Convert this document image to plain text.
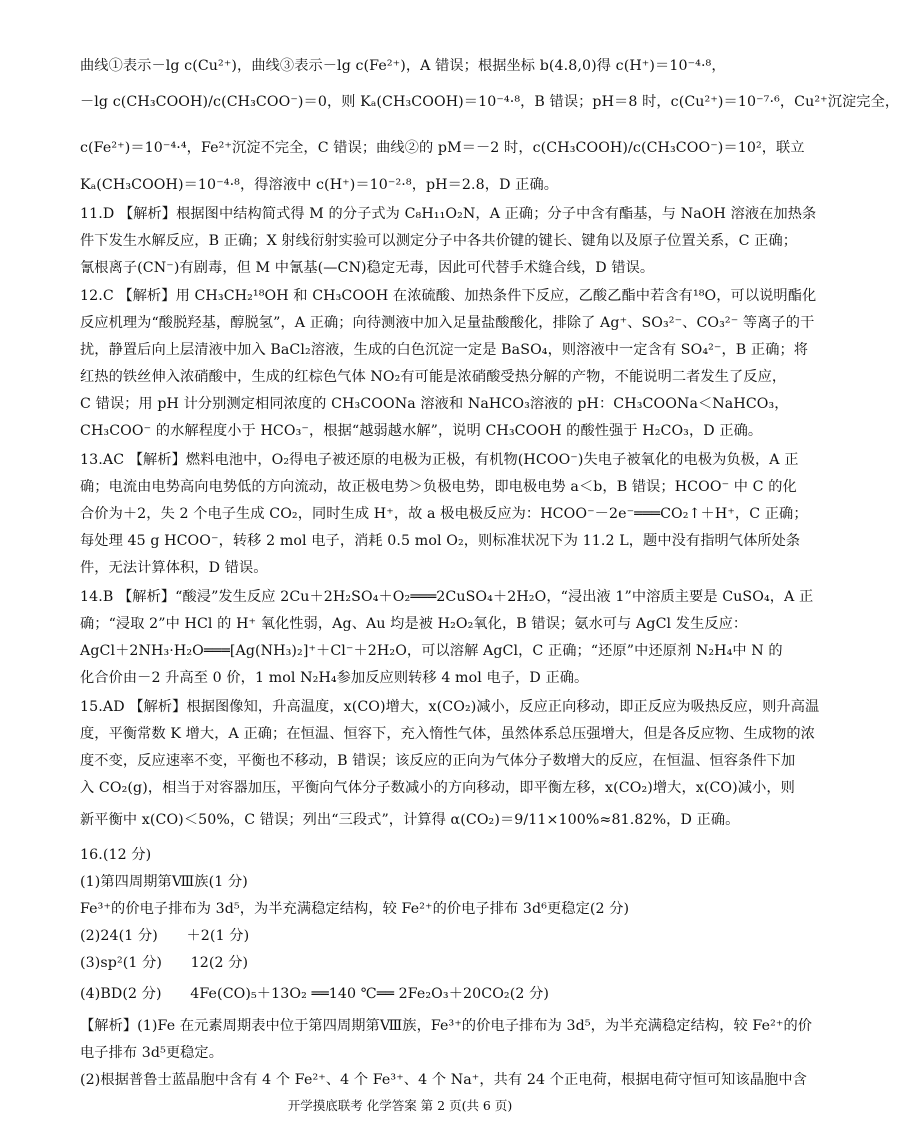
曲线①表示－lg c(Cu²⁺)，曲线③表示－lg c(Fe²⁺)，A 错误；根据坐标 b(4.8,0)得 c(H⁺)＝10⁻⁴·⁸，
－lg c(CH₃COOH)/c(CH₃COO⁻)＝0，则 Kₐ(CH₃COOH)＝10⁻⁴·⁸，B 错误；pH＝8 时，c(Cu²⁺)＝10⁻⁷·⁶，Cu²⁺沉淀完全，
c(Fe²⁺)＝10⁻⁴·⁴，Fe²⁺沉淀不完全，C 错误；曲线②的 pM＝－2 时，c(CH₃COOH)/c(CH₃COO⁻)＝10²，联立
Kₐ(CH₃COOH)＝10⁻⁴·⁸，得溶液中 c(H⁺)＝10⁻²·⁸，pH＝2.8，D 正确。
11.D 【解析】根据图中结构简式得 M 的分子式为 C₈H₁₁O₂N，A 正确；分子中含有酯基，与 NaOH 溶液在加热条
件下发生水解反应，B 正确；X 射线衍射实验可以测定分子中各共价键的键长、键角以及原子位置关系，C 正确；
氰根离子(CN⁻)有剧毒，但 M 中氰基(—CN)稳定无毒，因此可代替手术缝合线，D 错误。
12.C 【解析】用 CH₃CH₂¹⁸OH 和 CH₃COOH 在浓硫酸、加热条件下反应，乙酸乙酯中若含有¹⁸O，可以说明酯化
反应机理为“酸脱羟基，醇脱氢”，A 正确；向待测液中加入足量盐酸酸化，排除了 Ag⁺、SO₃²⁻、CO₃²⁻ 等离子的干
扰，静置后向上层清液中加入 BaCl₂溶液，生成的白色沉淀一定是 BaSO₄，则溶液中一定含有 SO₄²⁻，B 正确；将
红热的铁丝伸入浓硝酸中，生成的红棕色气体 NO₂有可能是浓硝酸受热分解的产物，不能说明二者发生了反应，
C 错误；用 pH 计分别测定相同浓度的 CH₃COONa 溶液和 NaHCO₃溶液的 pH：CH₃COONa＜NaHCO₃，
CH₃COO⁻ 的水解程度小于 HCO₃⁻，根据“越弱越水解”，说明 CH₃COOH 的酸性强于 H₂CO₃，D 正确。
13.AC 【解析】燃料电池中，O₂得电子被还原的电极为正极，有机物(HCOO⁻)失电子被氧化的电极为负极，A 正
确；电流由电势高向电势低的方向流动，故正极电势＞负极电势，即电极电势 a＜b，B 错误；HCOO⁻ 中 C 的化
合价为＋2，失 2 个电子生成 CO₂，同时生成 H⁺，故 a 极电极反应为：HCOO⁻－2e⁻═══CO₂↑＋H⁺，C 正确；
每处理 45 g HCOO⁻，转移 2 mol 电子，消耗 0.5 mol O₂，则标准状况下为 11.2 L，题中没有指明气体所处条
件，无法计算体积，D 错误。
14.B 【解析】“酸浸”发生反应 2Cu＋2H₂SO₄＋O₂═══2CuSO₄＋2H₂O，“浸出液 1”中溶质主要是 CuSO₄，A 正
确；“浸取 2”中 HCl 的 H⁺ 氧化性弱，Ag、Au 均是被 H₂O₂氧化，B 错误；氨水可与 AgCl 发生反应：
AgCl＋2NH₃·H₂O═══[Ag(NH₃)₂]⁺＋Cl⁻＋2H₂O，可以溶解 AgCl，C 正确；“还原”中还原剂 N₂H₄中 N 的
化合价由－2 升高至 0 价，1 mol N₂H₄参加反应则转移 4 mol 电子，D 正确。
15.AD 【解析】根据图像知，升高温度，x(CO)增大，x(CO₂)减小，反应正向移动，即正反应为吸热反应，则升高温
度，平衡常数 K 增大，A 正确；在恒温、恒容下，充入惰性气体，虽然体系总压强增大，但是各反应物、生成物的浓
度不变，反应速率不变，平衡也不移动，B 错误；该反应的正向为气体分子数增大的反应，在恒温、恒容条件下加
入 CO₂(g)，相当于对容器加压，平衡向气体分子数减小的方向移动，即平衡左移，x(CO₂)增大，x(CO)减小，则
新平衡中 x(CO)＜50%，C 错误；列出“三段式”，计算得 α(CO₂)＝9/11×100%≈81.82%，D 正确。
16.(12 分)
(1)第四周期第Ⅷ族(1 分)
Fe³⁺的价电子排布为 3d⁵，为半充满稳定结构，较 Fe²⁺的价电子排布 3d⁶更稳定(2 分)
(2)24(1 分)　　＋2(1 分)
(3)sp²(1 分)　　12(2 分)
(4)BD(2 分)　　4Fe(CO)₅＋13O₂ ══140 ℃══ 2Fe₂O₃＋20CO₂(2 分)
【解析】(1)Fe 在元素周期表中位于第四周期第Ⅷ族，Fe³⁺的价电子排布为 3d⁵，为半充满稳定结构，较 Fe²⁺的价
电子排布 3d⁵更稳定。
(2)根据普鲁士蓝晶胞中含有 4 个 Fe²⁺、4 个 Fe³⁺、4 个 Na⁺，共有 24 个正电荷，根据电荷守恒可知该晶胞中含
开学摸底联考 化学答案 第 2 页(共 6 页)
